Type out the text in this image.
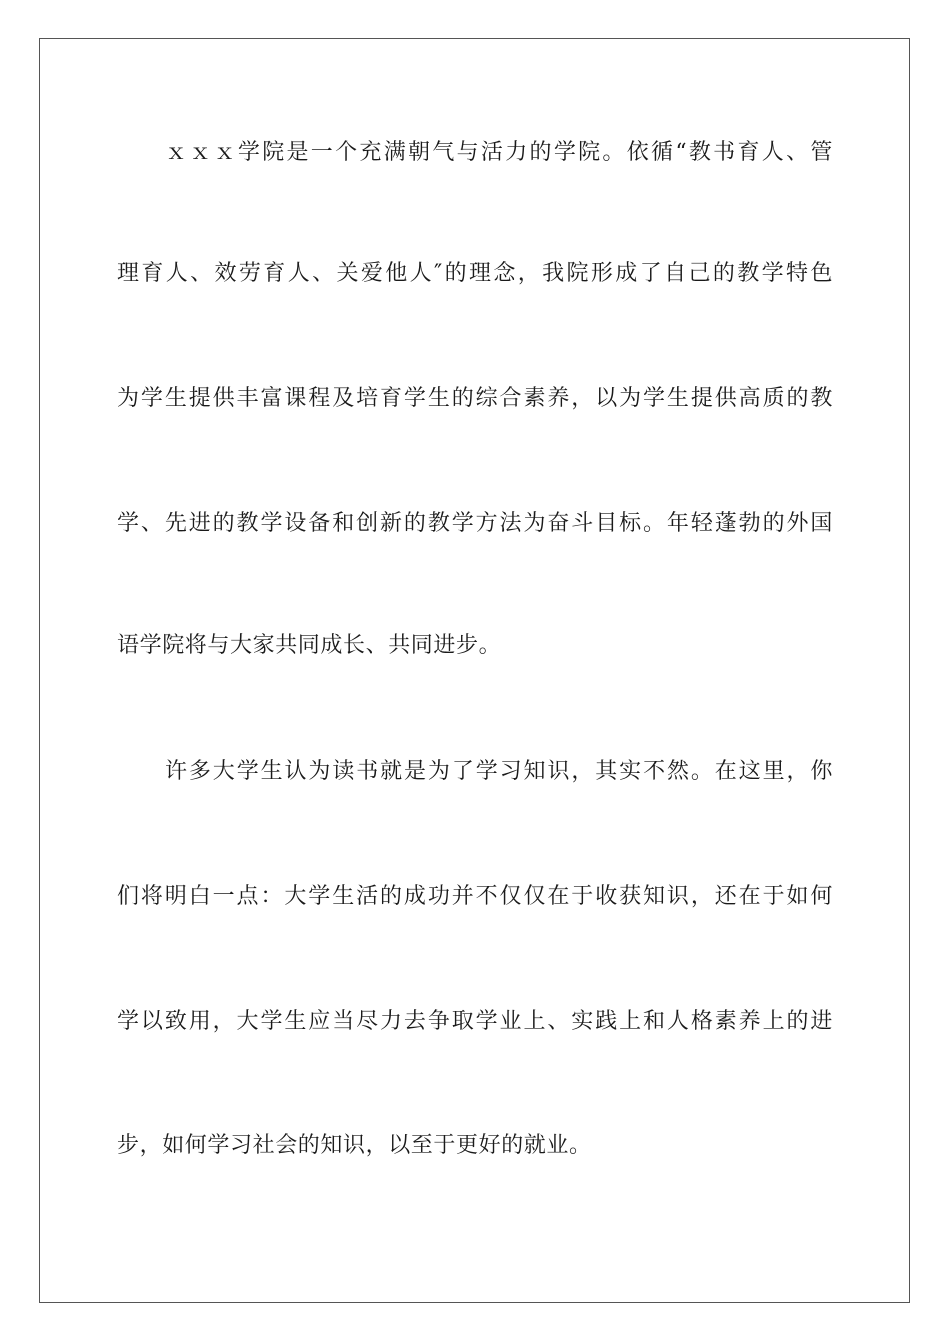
ｘｘｘ学院是一个充满朝气与活力的学院。依循“教书育人、管
理育人、效劳育人、关爱他人″的理念，我院形成了自己的教学特色
为学生提供丰富课程及培育学生的综合素养，以为学生提供高质的教
学、先进的教学设备和创新的教学方法为奋斗目标。年轻蓬勃的外国
语学院将与大家共同成长、共同进步。
许多大学生认为读书就是为了学习知识，其实不然。在这里，你
们将明白一点：大学生活的成功并不仅仅在于收获知识，还在于如何
学以致用，大学生应当尽力去争取学业上、实践上和人格素养上的进
步，如何学习社会的知识，以至于更好的就业。
